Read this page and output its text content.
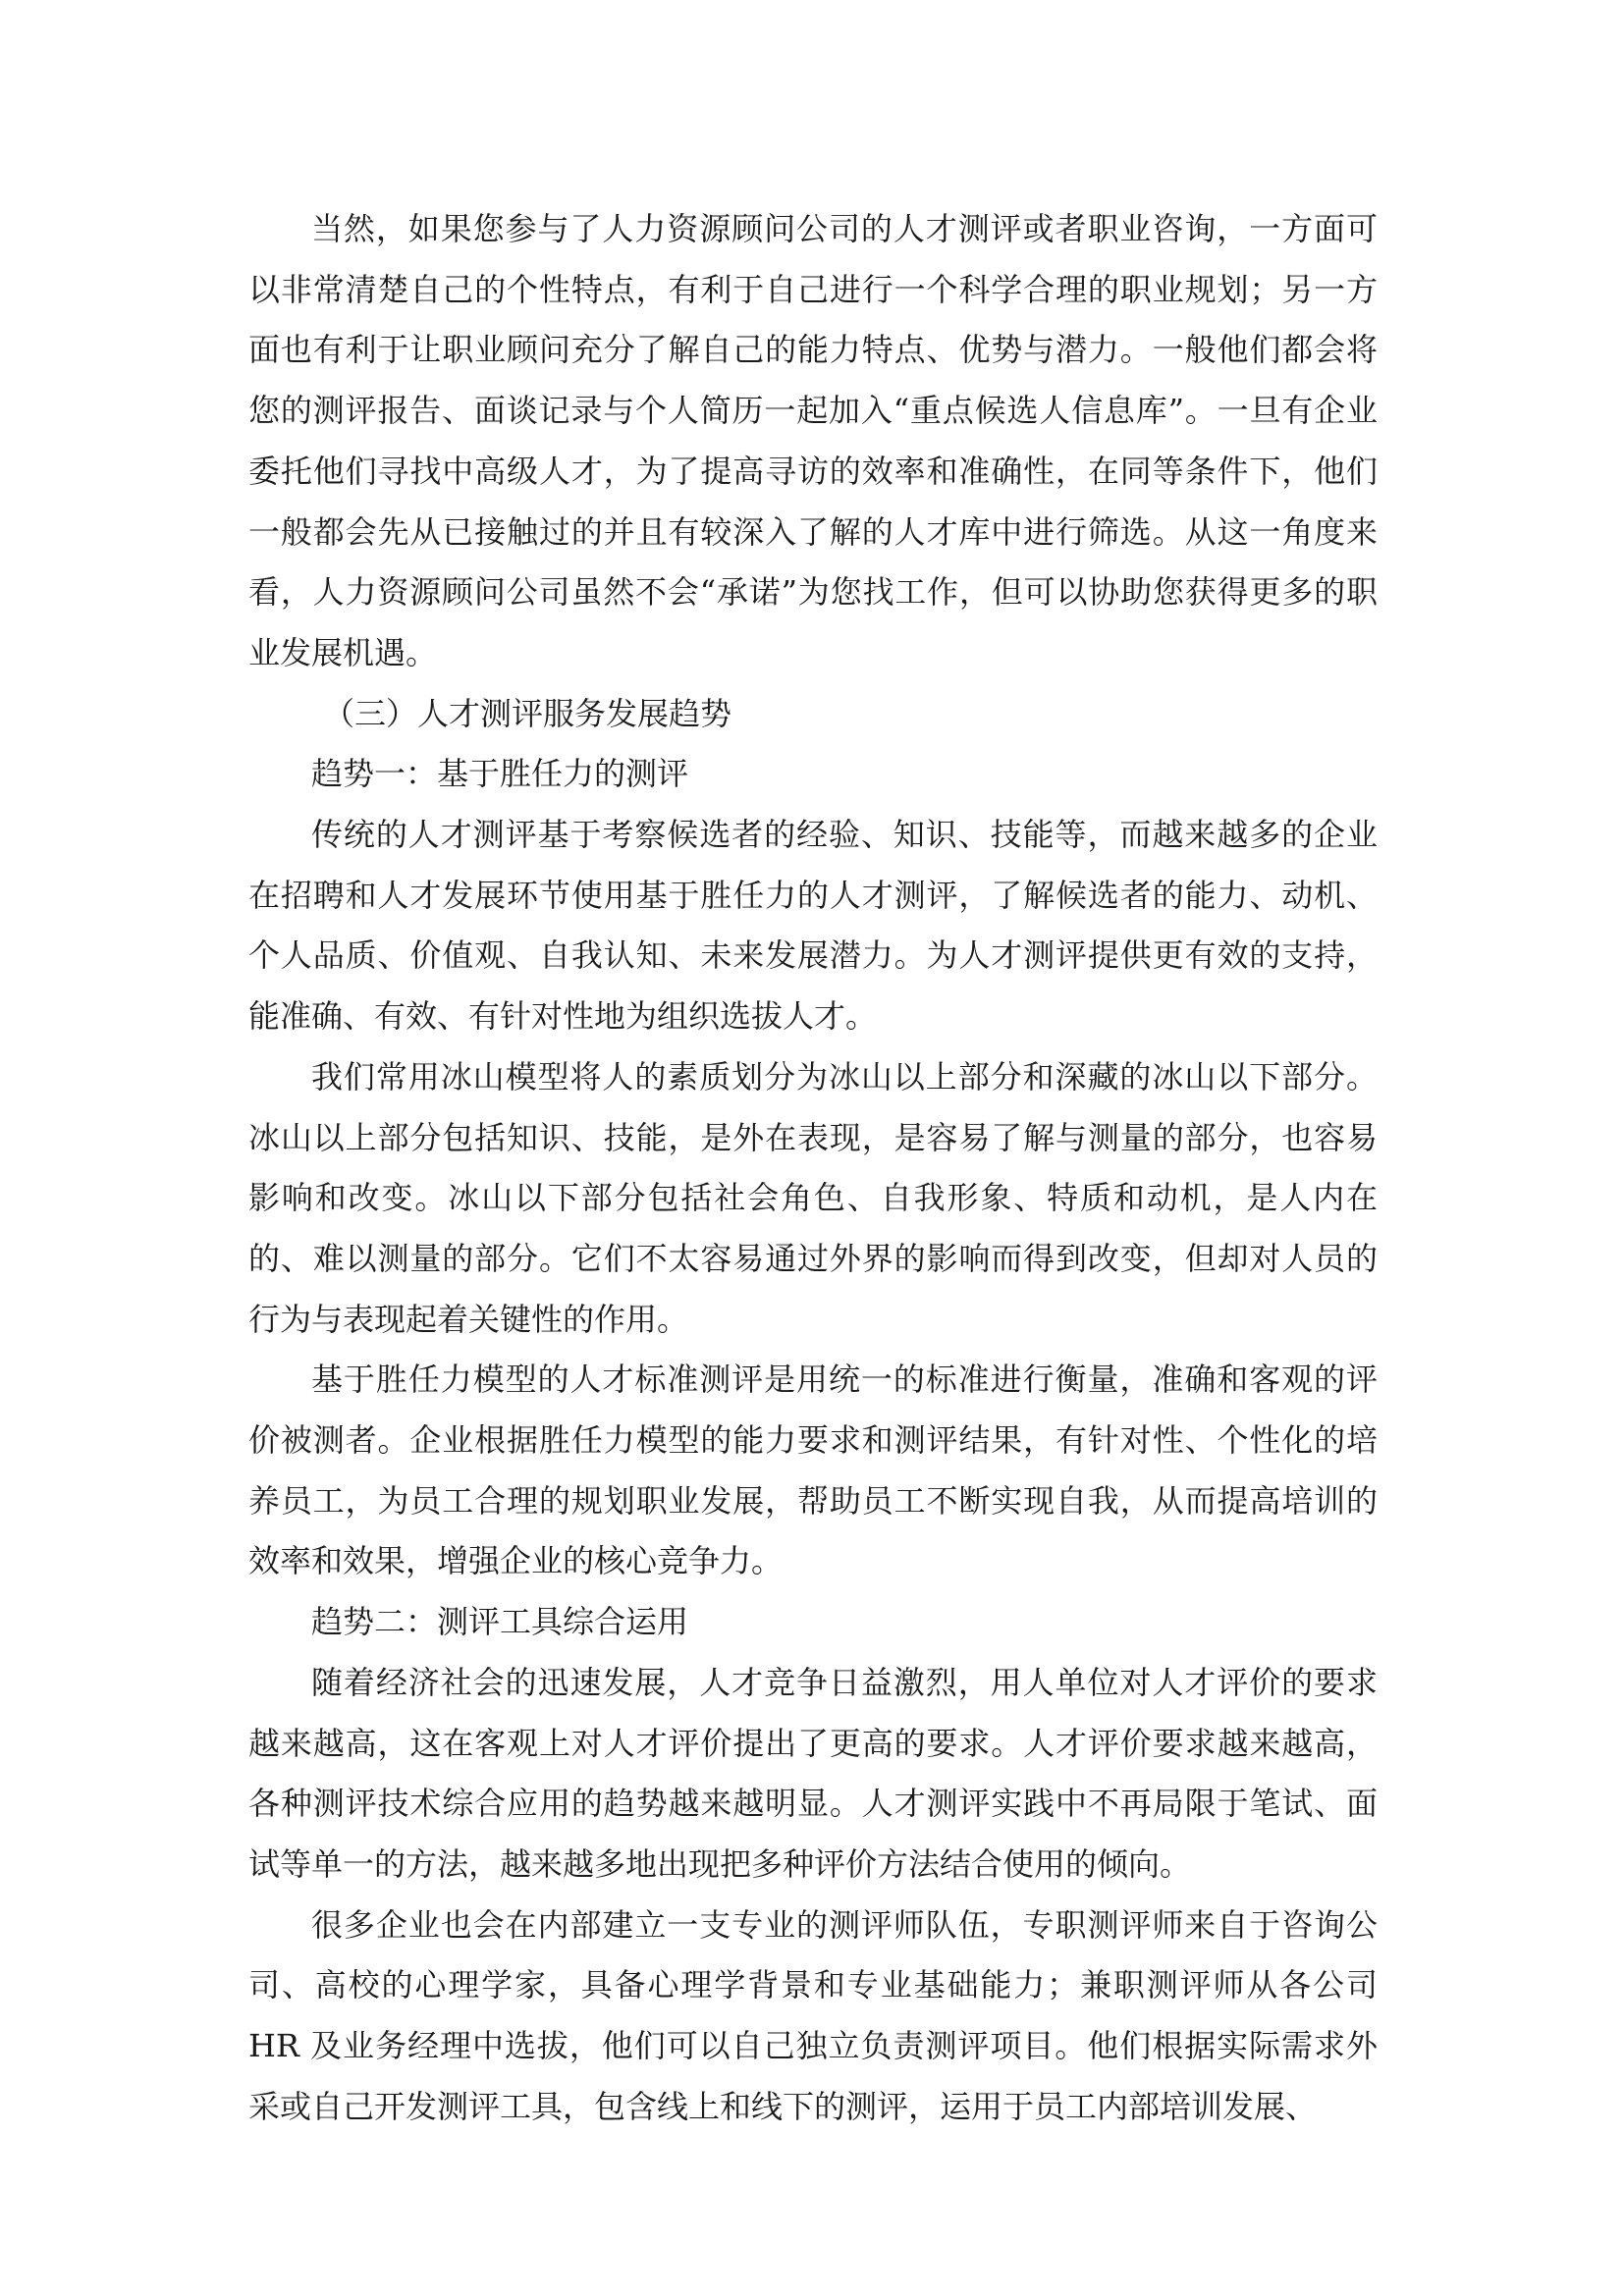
当然，如果您参与了人力资源顾问公司的人才测评或者职业咨询，一方面可以非常清楚自己的个性特点，有利于自己进行一个科学合理的职业规划；另一方面也有利于让职业顾问充分了解自己的能力特点、优势与潜力。一般他们都会将您的测评报告、面谈记录与个人简历一起加入“重点候选人信息库”。一旦有企业委托他们寻找中高级人才，为了提高寻访的效率和准确性，在同等条件下，他们一般都会先从已接触过的并且有较深入了解的人才库中进行筛选。从这一角度来看，人力资源顾问公司虽然不会“承诺”为您找工作，但可以协助您获得更多的职业发展机遇。

（三）人才测评服务发展趋势

趋势一：基于胜任力的测评

传统的人才测评基于考察候选者的经验、知识、技能等，而越来越多的企业在招聘和人才发展环节使用基于胜任力的人才测评，了解候选者的能力、动机、个人品质、价值观、自我认知、未来发展潜力。为人才测评提供更有效的支持，能准确、有效、有针对性地为组织选拔人才。

我们常用冰山模型将人的素质划分为冰山以上部分和深藏的冰山以下部分。冰山以上部分包括知识、技能，是外在表现，是容易了解与测量的部分，也容易影响和改变。冰山以下部分包括社会角色、自我形象、特质和动机，是人内在的、难以测量的部分。它们不太容易通过外界的影响而得到改变，但却对人员的行为与表现起着关键性的作用。

基于胜任力模型的人才标准测评是用统一的标准进行衡量，准确和客观的评价被测者。企业根据胜任力模型的能力要求和测评结果，有针对性、个性化的培养员工，为员工合理的规划职业发展，帮助员工不断实现自我，从而提高培训的效率和效果，增强企业的核心竞争力。

趋势二：测评工具综合运用

随着经济社会的迅速发展，人才竞争日益激烈，用人单位对人才评价的要求越来越高，这在客观上对人才评价提出了更高的要求。人才评价要求越来越高，各种测评技术综合应用的趋势越来越明显。人才测评实践中不再局限于笔试、面试等单一的方法，越来越多地出现把多种评价方法结合使用的倾向。

很多企业也会在内部建立一支专业的测评师队伍，专职测评师来自于咨询公司、高校的心理学家，具备心理学背景和专业基础能力；兼职测评师从各公司 HR 及业务经理中选拔，他们可以自己独立负责测评项目。他们根据实际需求外采或自己开发测评工具，包含线上和线下的测评，运用于员工内部培训发展、
